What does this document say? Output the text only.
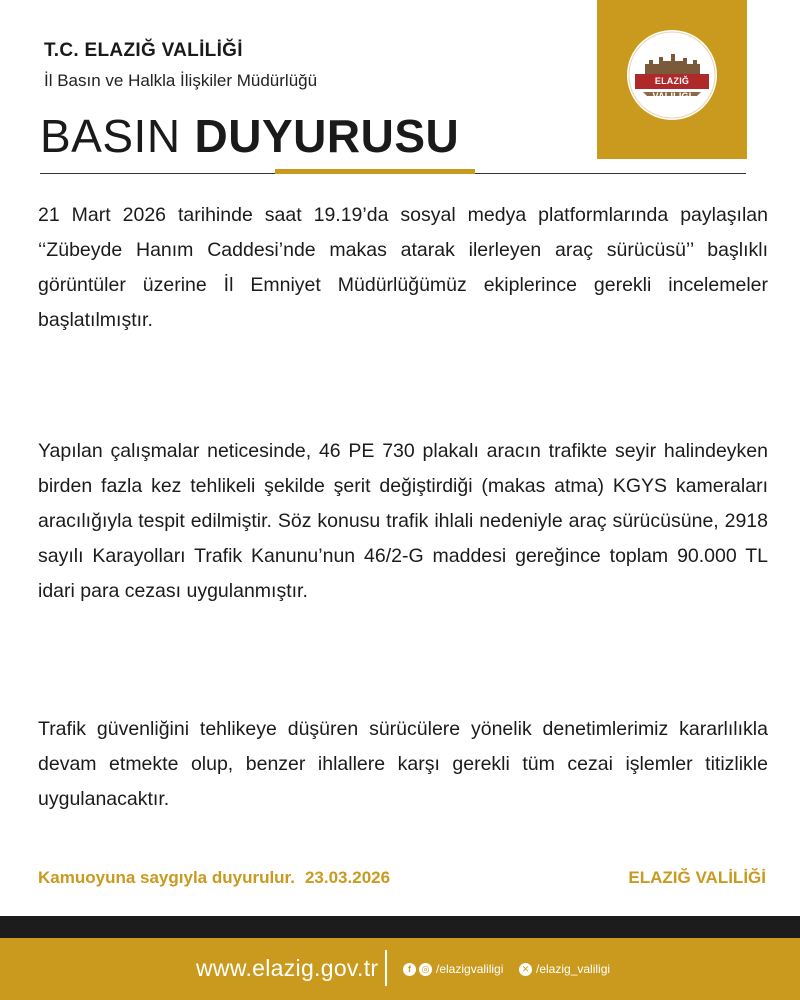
T.C. ELAZIĞ VALİLİĞİ
İl Basın ve Halkla İlişkiler Müdürlüğü
BASIN DUYURUSU
ELAZIĞ VALİLİĞİ
21 Mart 2026 tarihinde saat 19.19’da sosyal medya platformlarında paylaşılan ‘‘Zübeyde Hanım Caddesi’nde makas atarak ilerleyen araç sürücüsü’’ başlıklı görüntüler üzerine İl Emniyet Müdürlüğümüz ekiplerince gerekli incelemeler başlatılmıştır.
Yapılan çalışmalar neticesinde, 46 PE 730 plakalı aracın trafikte seyir halindeyken birden fazla kez tehlikeli şekilde şerit değiştirdiği (makas atma) KGYS kameraları aracılığıyla tespit edilmiştir. Söz konusu trafik ihlali nedeniyle araç sürücüsüne, 2918 sayılı Karayolları Trafik Kanunu’nun 46/2-G maddesi gereğince toplam 90.000 TL idari para cezası uygulanmıştır.
Trafik güvenliğini tehlikeye düşüren sürücülere yönelik denetimlerimiz kararlılıkla devam etmekte olup, benzer ihlallere karşı gerekli tüm cezai işlemler titizlikle uygulanacaktır.
Kamuoyuna saygıyla duyurulur. 23.03.2026	ELAZIĞ VALİLİĞİ
www.elazig.gov.tr	f	◎ /elazigvaliligi	✕ /elazig_valiligi
